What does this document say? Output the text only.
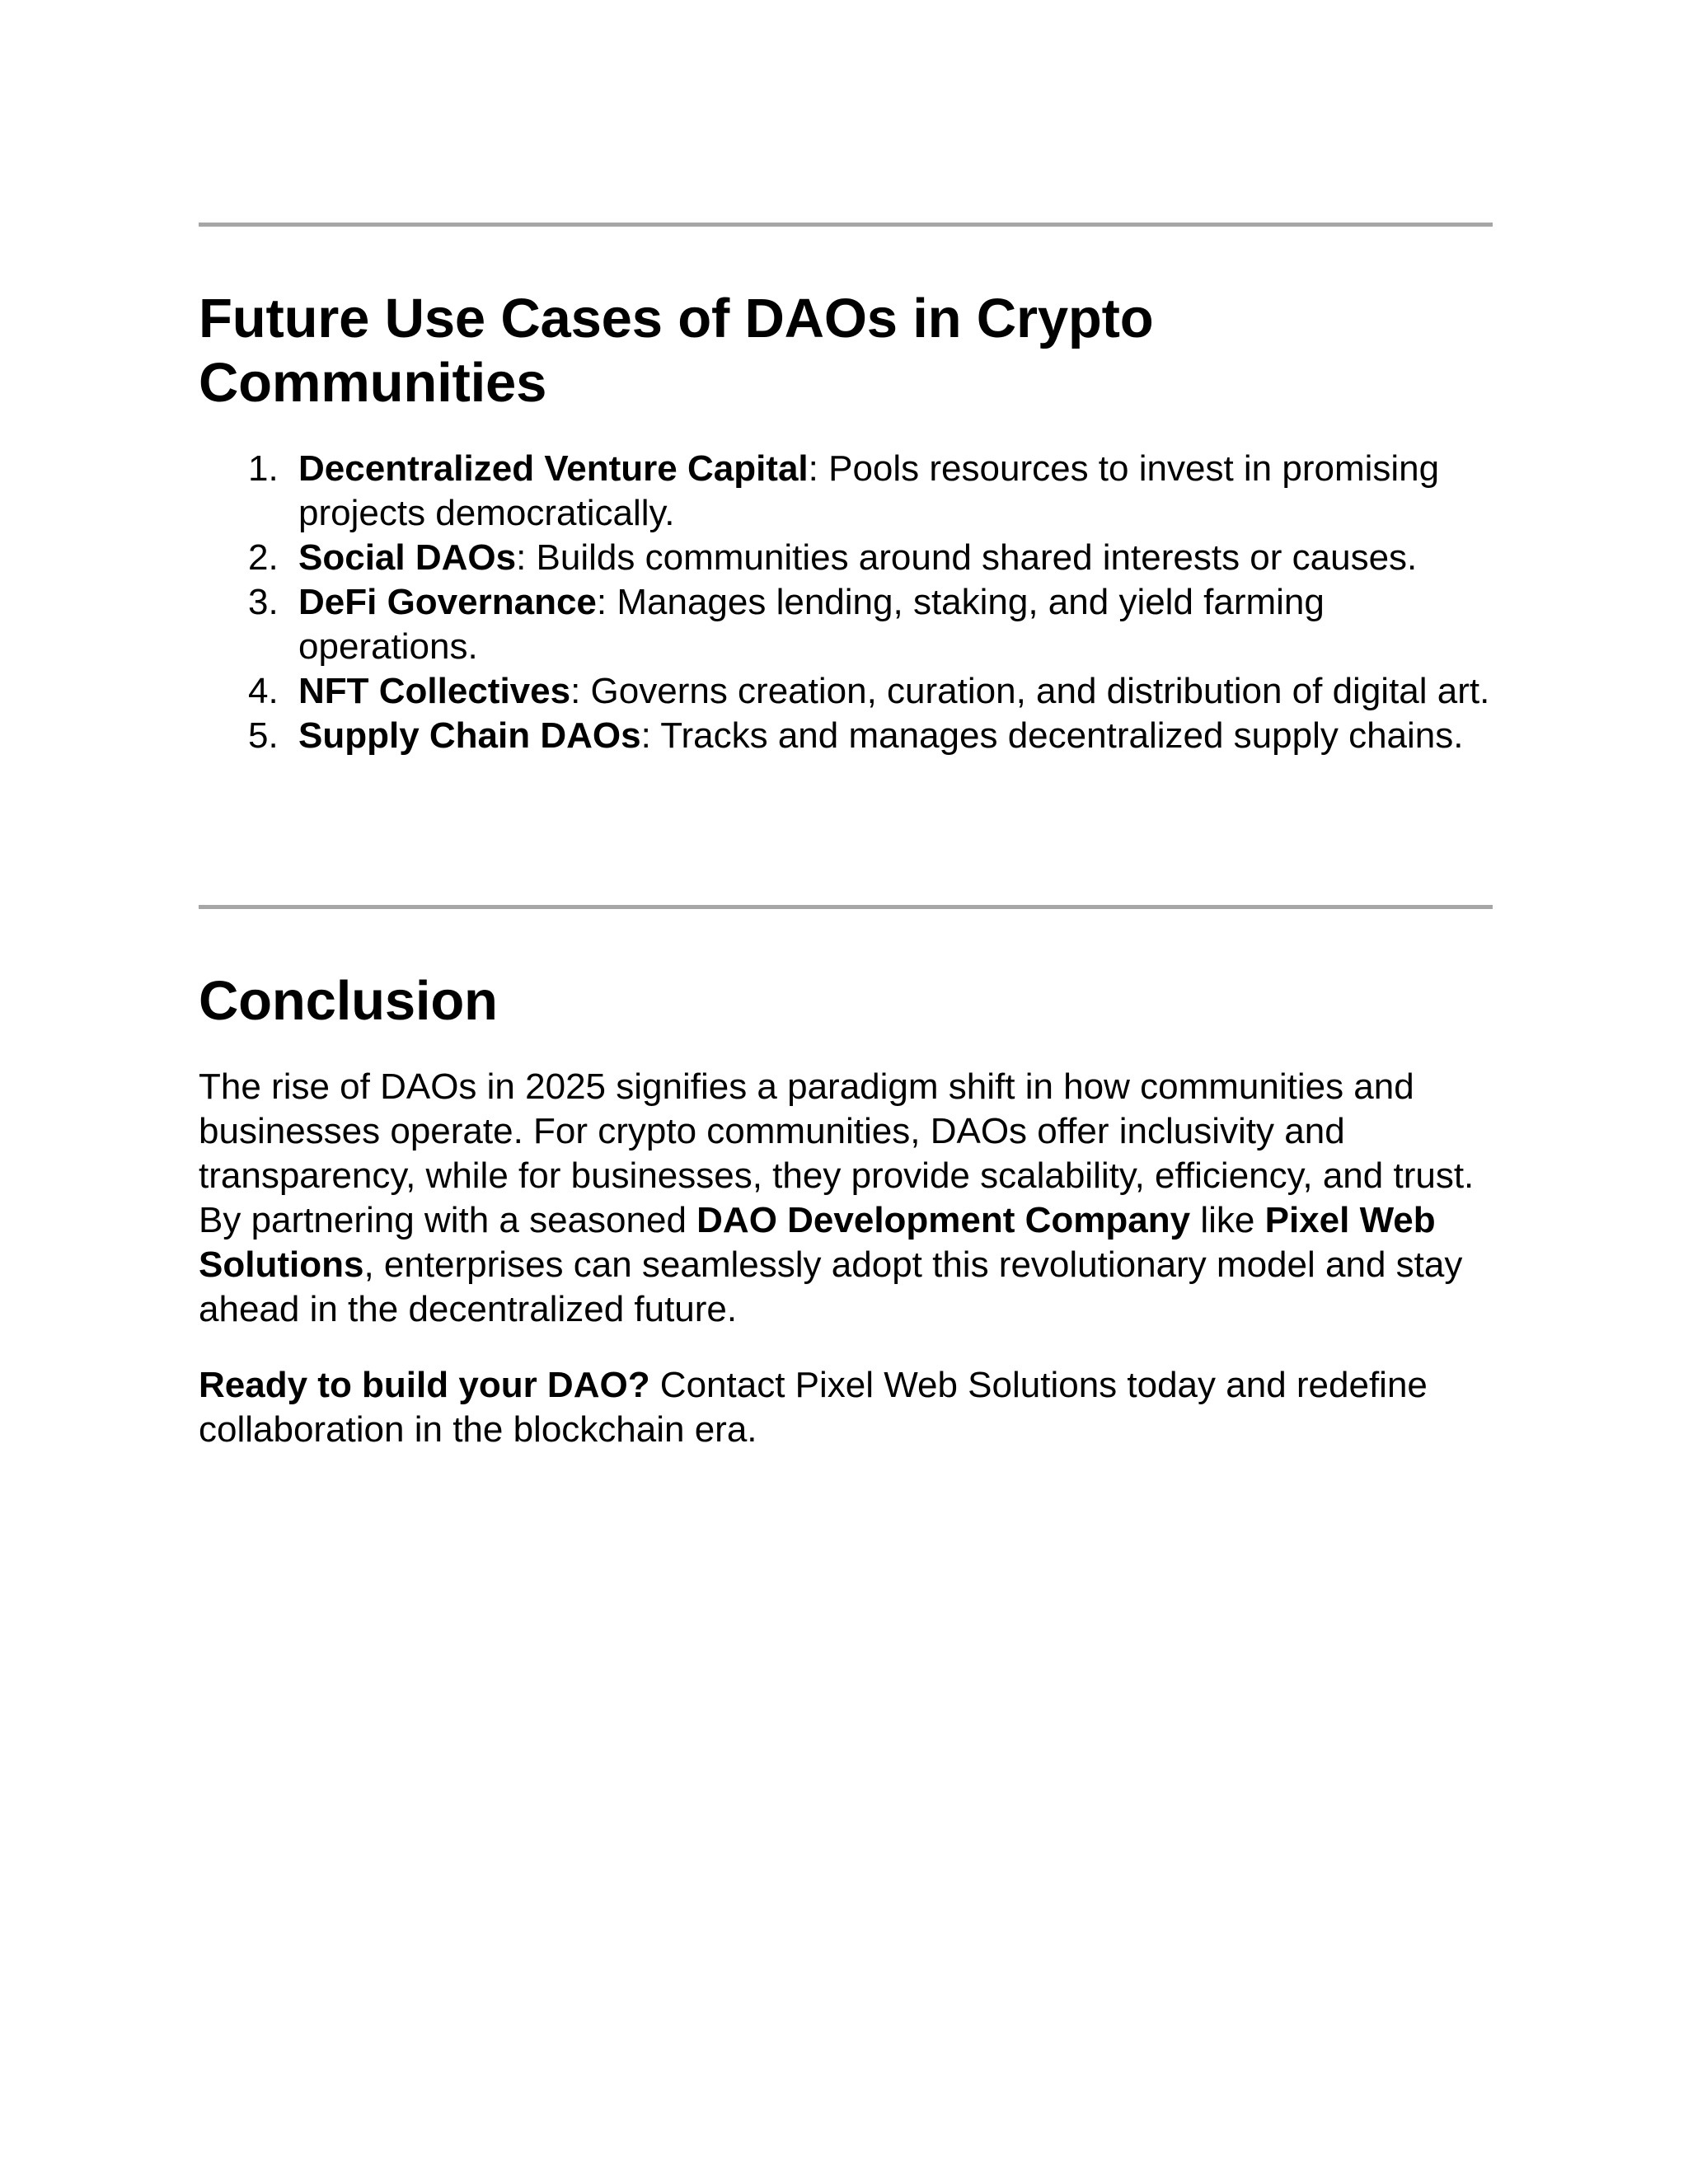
Future Use Cases of DAOs in Crypto Communities
1. Decentralized Venture Capital: Pools resources to invest in promising projects democratically.
2. Social DAOs: Builds communities around shared interests or causes.
3. DeFi Governance: Manages lending, staking, and yield farming operations.
4. NFT Collectives: Governs creation, curation, and distribution of digital art.
5. Supply Chain DAOs: Tracks and manages decentralized supply chains.
Conclusion

The rise of DAOs in 2025 signifies a paradigm shift in how communities and businesses operate. For crypto communities, DAOs offer inclusivity and transparency, while for businesses, they provide scalability, efficiency, and trust. By partnering with a seasoned DAO Development Company like Pixel Web Solutions, enterprises can seamlessly adopt this revolutionary model and stay ahead in the decentralized future.

Ready to build your DAO? Contact Pixel Web Solutions today and redefine collaboration in the blockchain era.
